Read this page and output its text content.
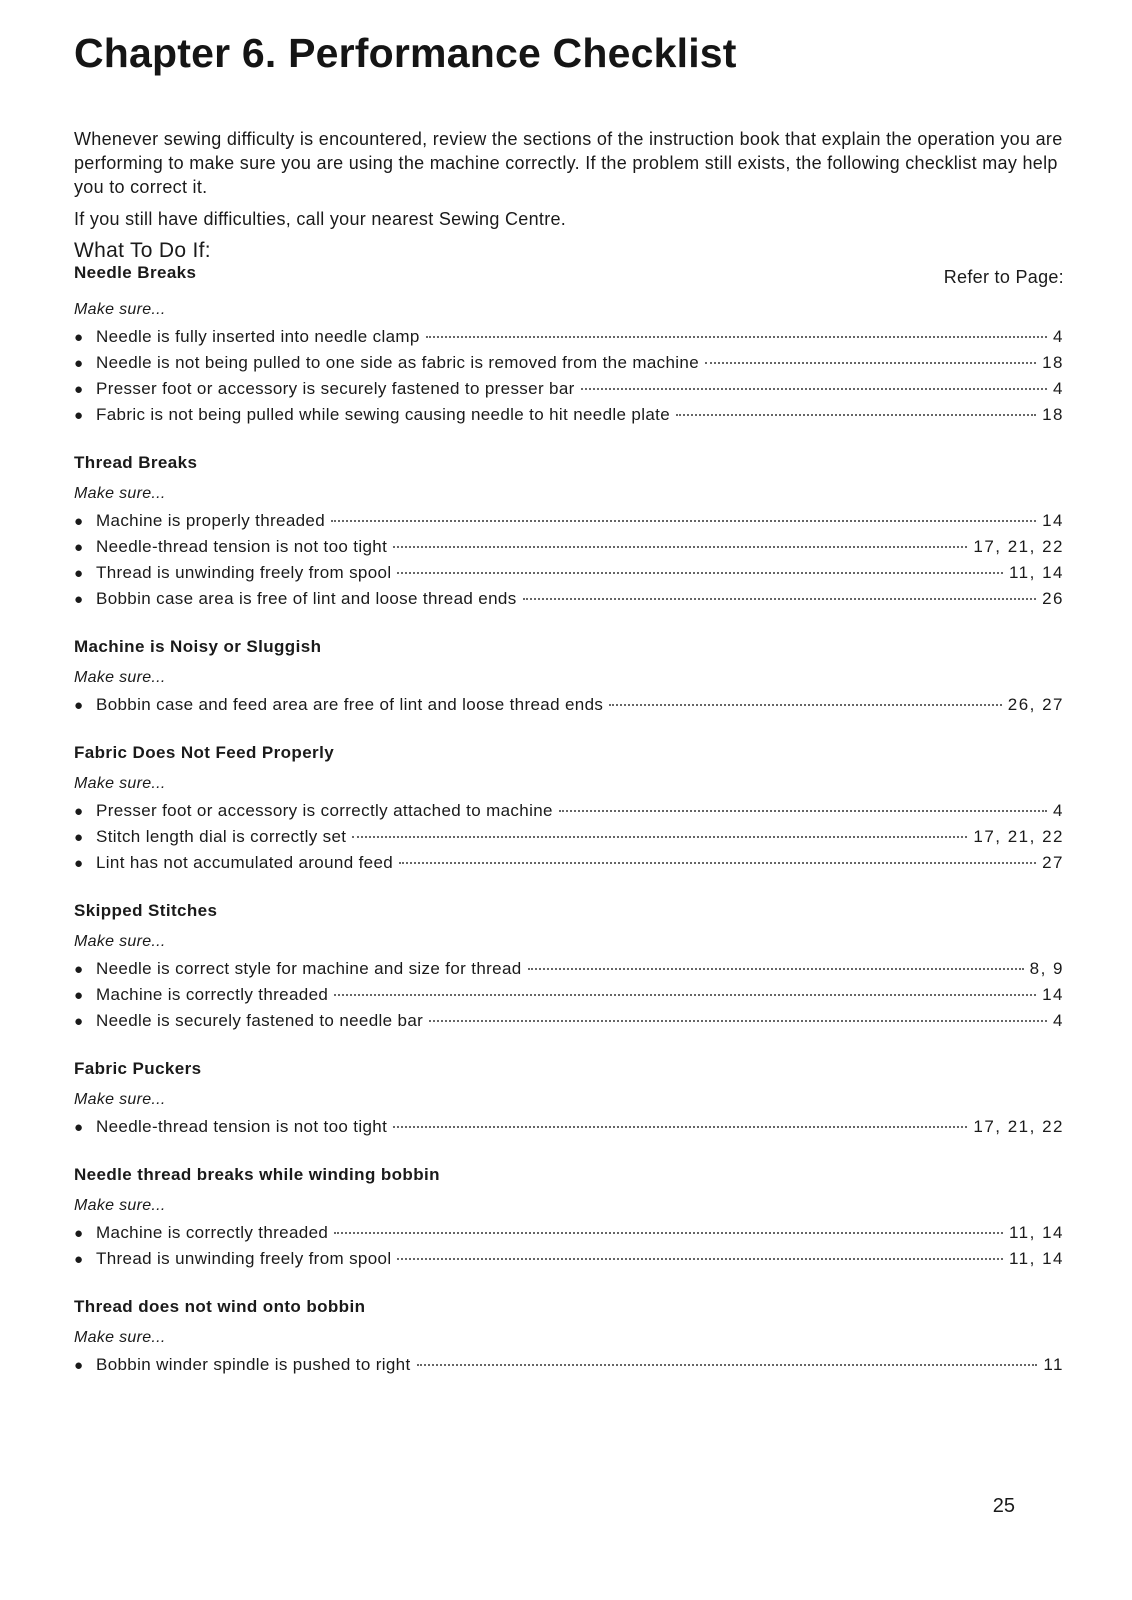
Chapter 6. Performance Checklist

Whenever sewing difficulty is encountered, review the sections of the instruction book that explain the operation you are performing to make sure you are using the machine correctly. If the problem still exists, the following checklist may help you to correct it.

If you still have difficulties, call your nearest Sewing Centre.

What To Do If:
Needle Breaks	Refer to Page:
Make sure...
● Needle is fully inserted into needle clamp	4
● Needle is not being pulled to one side as fabric is removed from the machine	18
● Presser foot or accessory is securely fastened to presser bar	4
● Fabric is not being pulled while sewing causing needle to hit needle plate	18
Thread Breaks
Make sure...
● Machine is properly threaded	14
● Needle-thread tension is not too tight	17, 21, 22
● Thread is unwinding freely from spool	11, 14
● Bobbin case area is free of lint and loose thread ends	26
Machine is Noisy or Sluggish
Make sure...
● Bobbin case and feed area are free of lint and loose thread ends	26, 27
Fabric Does Not Feed Properly
Make sure...
● Presser foot or accessory is correctly attached to machine	4
● Stitch length dial is correctly set	17, 21, 22
● Lint has not accumulated around feed	27
Skipped Stitches
Make sure...
● Needle is correct style for machine and size for thread	8, 9
● Machine is correctly threaded	14
● Needle is securely fastened to needle bar	4
Fabric Puckers
Make sure...
● Needle-thread tension is not too tight	17, 21, 22
Needle thread breaks while winding bobbin
Make sure...
● Machine is correctly threaded	11, 14
● Thread is unwinding freely from spool	11, 14
Thread does not wind onto bobbin
Make sure...
● Bobbin winder spindle is pushed to right	11
25
